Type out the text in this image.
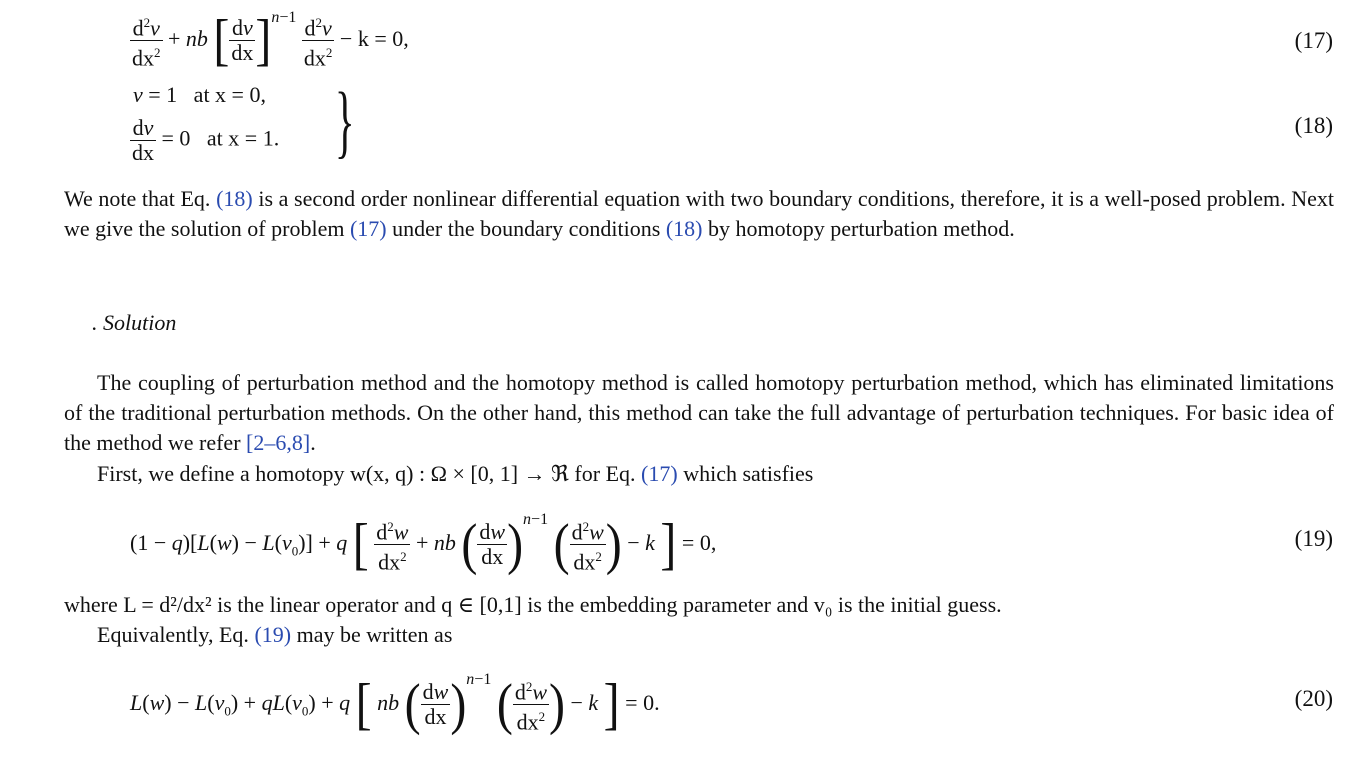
$\frac{d^2v}{dx^2}$ + nb [ $\frac{dv}{dx} ]^{n-1} \frac{d^2v}{dx^2} - k = 0$,	(17)
v = 1   at x = 0,
$\frac{dv}{dx} = 0$   at x = 1. }	(18)
We note that Eq. (18) is a second order nonlinear differential equation with two boundary conditions, therefore, it is a well-posed problem. Next we give the solution of problem (17) under the boundary conditions (18) by homotopy perturbation method.
. Solution
The coupling of perturbation method and the homotopy method is called homotopy perturbation method, which has eliminated limitations of the traditional perturbation methods. On the other hand, this method can take the full advantage of perturbation techniques. For basic idea of the method we refer [2–6,8].
First, we define a homotopy w(x, q) : Ω × [0, 1] → ℜ for Eq. (17) which satisfies
$(1 - q)[L(w) - L(v_0)] + q$ [ $\frac{d^2w}{dx^2}$ + nb ( $\frac{dw}{dx} )^{n-1}$ ( $\frac{d^2w}{dx^2}$ ) − k ] = 0,	(19)
where L = d²/dx² is the linear operator and q ∈ [0,1] is the embedding parameter and v₀ is the initial guess.
Equivalently, Eq. (19) may be written as
$L(w) - L(v_0) + qL(v_0) + q$ [ nb ( $\frac{dw}{dx} )^{n-1}$ ( $\frac{d^2w}{dx^2}$ ) − k ] = 0.	(20)
